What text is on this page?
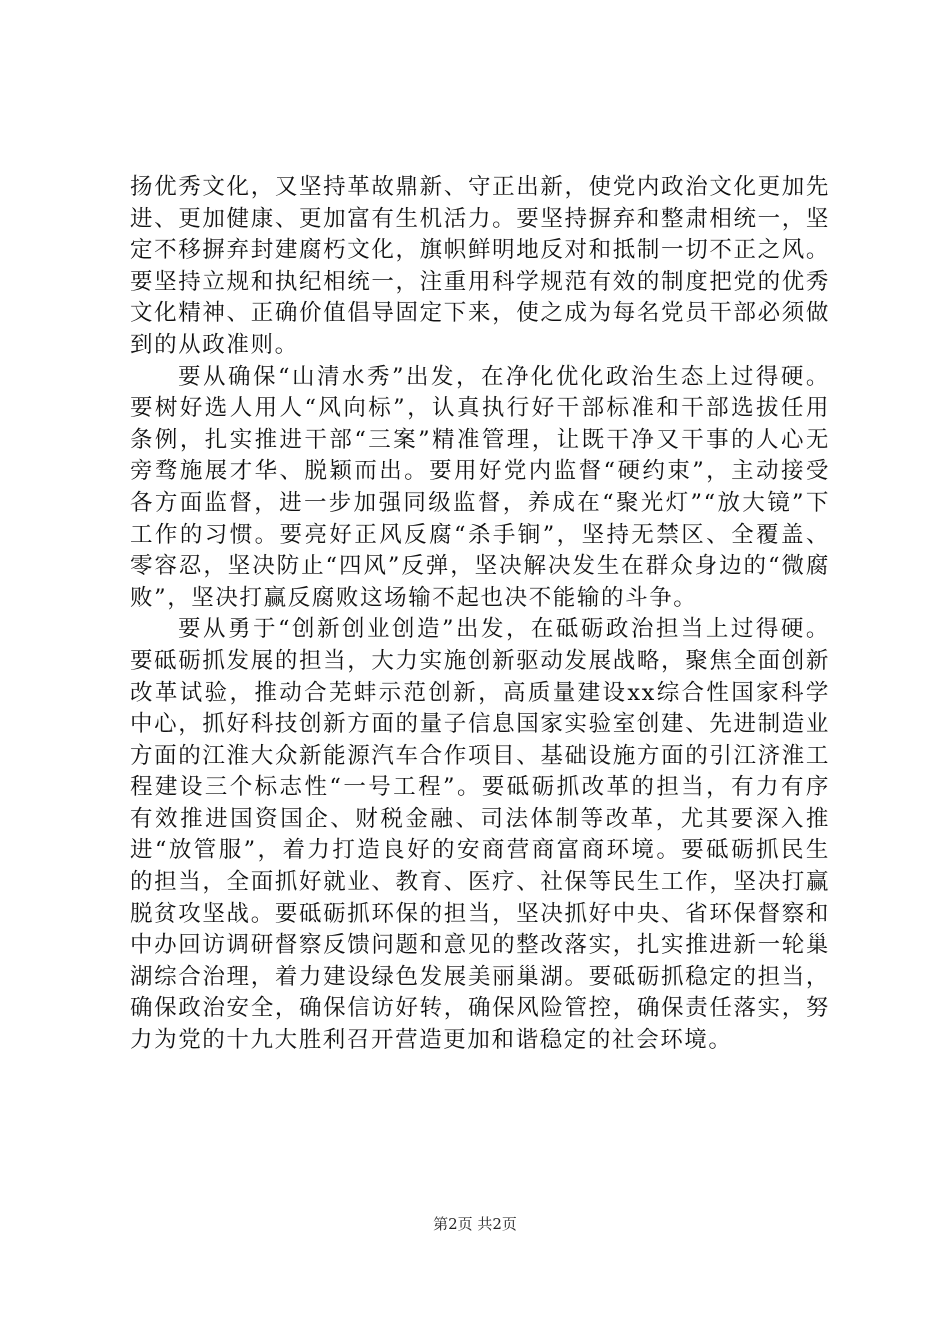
扬优秀文化，又坚持革故鼎新、守正出新，使党内政治文化更加先进、更加健康、更加富有生机活力。要坚持摒弃和整肃相统一，坚定不移摒弃封建腐朽文化，旗帜鲜明地反对和抵制一切不正之风。要坚持立规和执纪相统一，注重用科学规范有效的制度把党的优秀文化精神、正确价值倡导固定下来，使之成为每名党员干部必须做到的从政准则。

要从确保“山清水秀”出发，在净化优化政治生态上过得硬。要树好选人用人“风向标”，认真执行好干部标准和干部选拔任用条例，扎实推进干部“三案”精准管理，让既干净又干事的人心无旁骛施展才华、脱颖而出。要用好党内监督“硬约束”，主动接受各方面监督，进一步加强同级监督，养成在“聚光灯”“放大镜”下工作的习惯。要亮好正风反腐“杀手锏”，坚持无禁区、全覆盖、零容忍，坚决防止“四风”反弹，坚决解决发生在群众身边的“微腐败”，坚决打赢反腐败这场输不起也决不能输的斗争。

要从勇于“创新创业创造”出发，在砥砺政治担当上过得硬。要砥砺抓发展的担当，大力实施创新驱动发展战略，聚焦全面创新改革试验，推动合芜蚌示范创新，高质量建设xx综合性国家科学中心，抓好科技创新方面的量子信息国家实验室创建、先进制造业方面的江淮大众新能源汽车合作项目、基础设施方面的引江济淮工程建设三个标志性“一号工程”。要砥砺抓改革的担当，有力有序有效推进国资国企、财税金融、司法体制等改革，尤其要深入推进“放管服”，着力打造良好的安商营商富商环境。要砥砺抓民生的担当，全面抓好就业、教育、医疗、社保等民生工作，坚决打赢脱贫攻坚战。要砥砺抓环保的担当，坚决抓好中央、省环保督察和中办回访调研督察反馈问题和意见的整改落实，扎实推进新一轮巢湖综合治理，着力建设绿色发展美丽巢湖。要砥砺抓稳定的担当，确保政治安全，确保信访好转，确保风险管控，确保责任落实，努力为党的十九大胜利召开营造更加和谐稳定的社会环境。

第2页 共2页
